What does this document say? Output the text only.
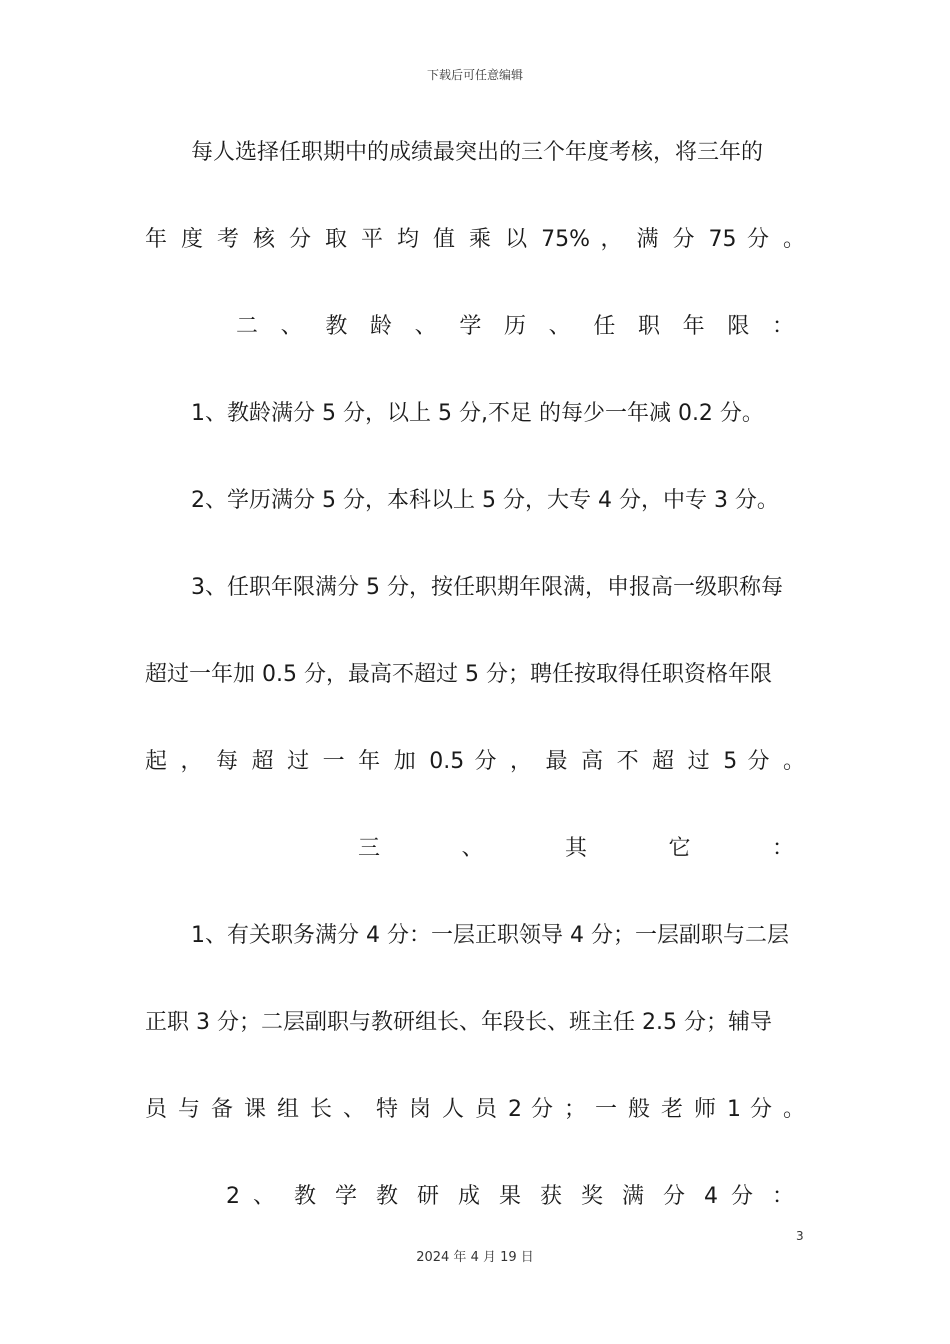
下载后可任意编辑
每人选择任职期中的成绩最突出的三个年度考核，将三年的
年 度 考 核 分 取 平 均 值 乘 以 75% ， 满 分 75 分 。
二 、 教 龄 、 学 历 、 任 职 年 限 ：
1、教龄满分 5 分，以上 5 分,不足 的每少一年减 0.2 分。
2、学历满分 5 分，本科以上 5 分，大专 4 分，中专 3 分。
3、任职年限满分 5 分，按任职期年限满，申报高一级职称每
超过一年加 0.5 分，最高不超过 5 分；聘任按取得任职资格年限
起 ， 每 超 过 一 年 加 0.5 分 ， 最 高 不 超 过 5 分 。
三 、 其 它 ：
1、有关职务满分 4 分：一层正职领导 4 分；一层副职与二层
正职 3 分；二层副职与教研组长、年段长、班主任 2.5 分；辅导
员 与 备 课 组 长 、 特 岗 人 员 2 分 ； 一 般 老 师 1 分 。
2 、 教 学 教 研 成 果 获 奖 满 分 4 分 ：
3
2024 年 4 月 19 日
